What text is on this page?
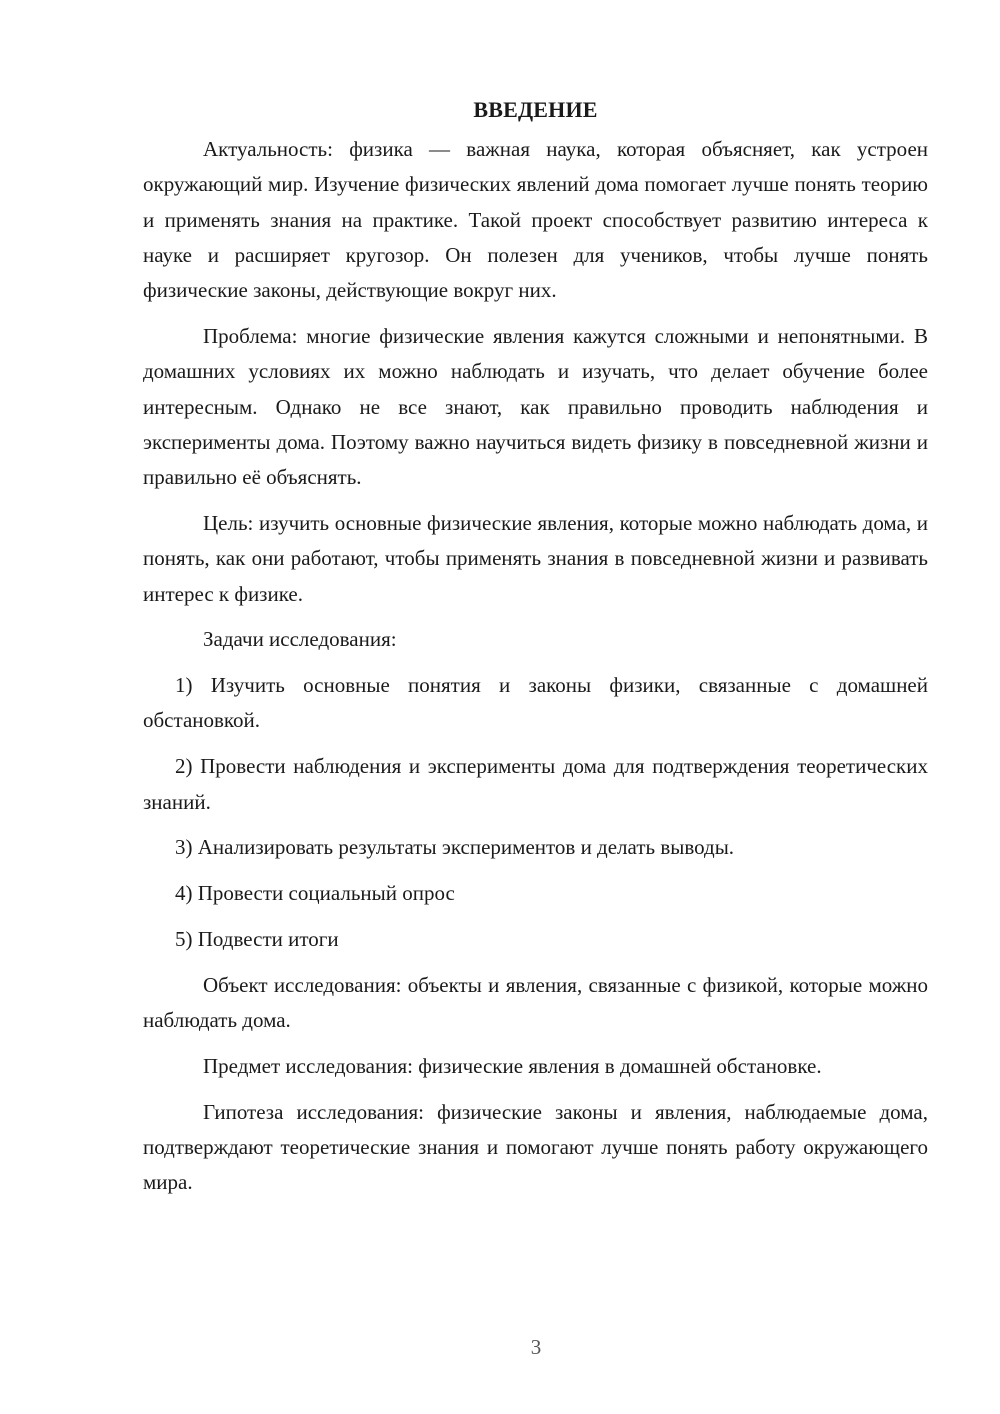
ВВЕДЕНИЕ

Актуальность: физика — важная наука, которая объясняет, как устроен окружающий мир. Изучение физических явлений дома помогает лучше понять теорию и применять знания на практике. Такой проект способствует развитию интереса к науке и расширяет кругозор. Он полезен для учеников, чтобы лучше понять физические законы, действующие вокруг них.

Проблема: многие физические явления кажутся сложными и непонятными. В домашних условиях их можно наблюдать и изучать, что делает обучение более интересным. Однако не все знают, как правильно проводить наблюдения и эксперименты дома. Поэтому важно научиться видеть физику в повседневной жизни и правильно её объяснять.

Цель: изучить основные физические явления, которые можно наблюдать дома, и понять, как они работают, чтобы применять знания в повседневной жизни и развивать интерес к физике.

Задачи исследования:

1) Изучить основные понятия и законы физики, связанные с домашней обстановкой.

2) Провести наблюдения и эксперименты дома для подтверждения теоретических знаний.

3) Анализировать результаты экспериментов и делать выводы.

4) Провести социальный опрос

5) Подвести итоги

Объект исследования: объекты и явления, связанные с физикой, которые можно наблюдать дома.

Предмет исследования: физические явления в домашней обстановке.

Гипотеза исследования: физические законы и явления, наблюдаемые дома, подтверждают теоретические знания и помогают лучше понять работу окружающего мира.

3
